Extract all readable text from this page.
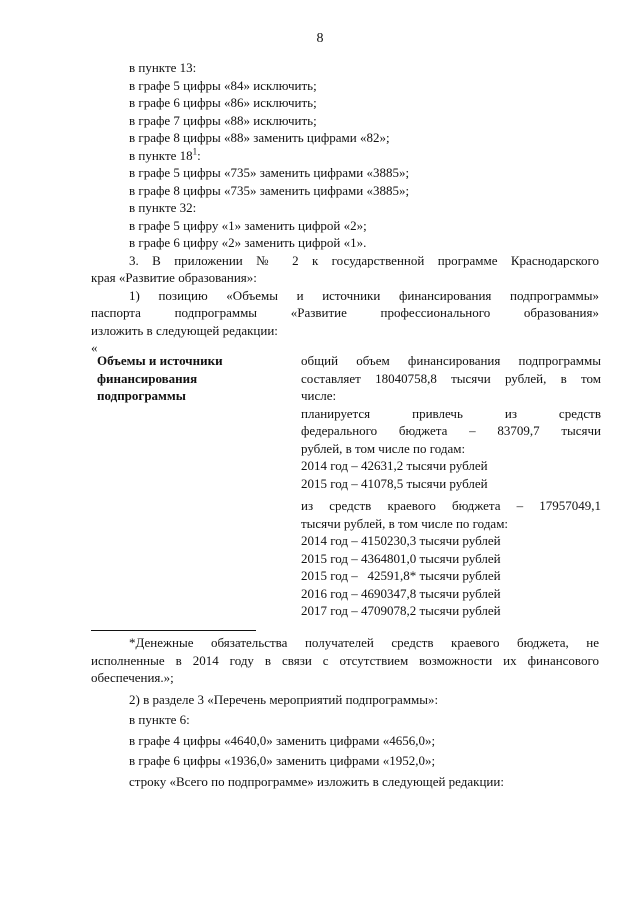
8
в пункте 13:
в графе 5 цифры «84» исключить;
в графе 6 цифры «86» исключить;
в графе 7 цифры «88» исключить;
в графе 8 цифры «88» заменить цифрами «82»;
в пункте $18^1$:
в графе 5 цифры «735» заменить цифрами «3885»;
в графе 8 цифры «735» заменить цифрами «3885»;
в пункте 32:
в графе 5 цифру «1» заменить цифрой «2»;
в графе 6 цифру «2» заменить цифрой «1».
3. В приложении № 2 к государственной программе Краснодарского
края «Развитие образования»:
1) позицию «Объемы и источники финансирования подпрограммы»
паспорта подпрограммы «Развитие профессионального образования»
изложить в следующей редакции:
«
Объемы и источники
финансирования
подпрограммы
общий объем финансирования подпрограммы
составляет 18040758,8 тысячи рублей, в том
числе:
планируется привлечь из средств
федерального бюджета – 83709,7 тысячи
рублей, в том числе по годам:
2014 год – 42631,2 тысячи рублей
2015 год – 41078,5 тысячи рублей
из средств краевого бюджета – 17957049,1
тысячи рублей, в том числе по годам:
2014 год – 4150230,3 тысячи рублей
2015 год – 4364801,0 тысячи рублей
2015 год –   42591,8* тысячи рублей
2016 год – 4690347,8 тысячи рублей
2017 год – 4709078,2 тысячи рублей
*Денежные обязательства получателей средств краевого бюджета, не
исполненные в 2014 году в связи с отсутствием возможности их финансового
обеспечения.»;
2) в разделе 3 «Перечень мероприятий подпрограммы»:
в пункте 6:
в графе 4 цифры «4640,0» заменить цифрами «4656,0»;
в графе 6 цифры «1936,0» заменить цифрами «1952,0»;
строку «Всего по подпрограмме» изложить в следующей редакции:
